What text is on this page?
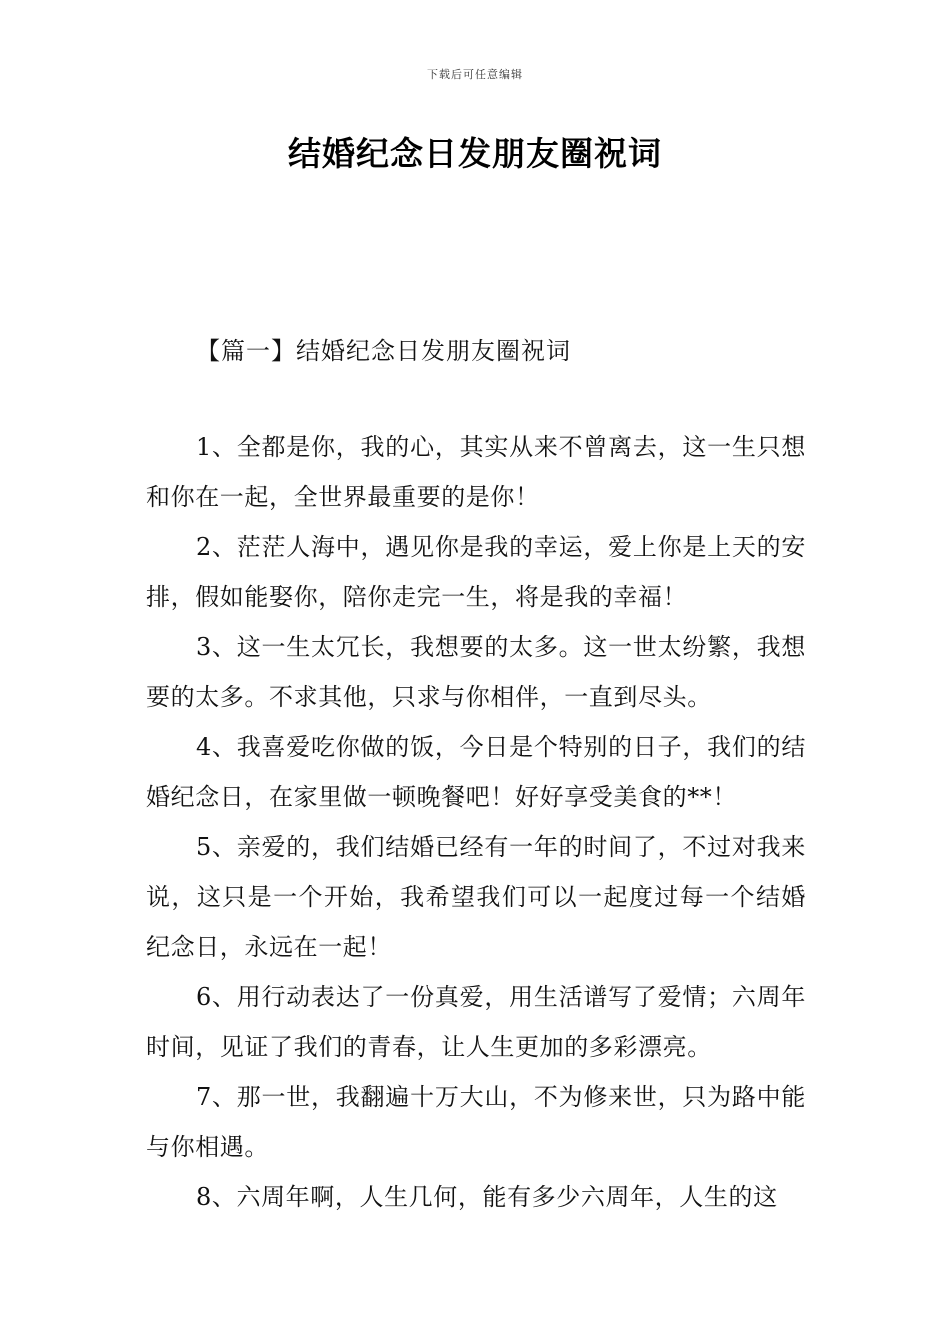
下载后可任意编辑
结婚纪念日发朋友圈祝词
【篇一】结婚纪念日发朋友圈祝词

1、全都是你，我的心，其实从来不曾离去，这一生只想和你在一起，全世界最重要的是你！

2、茫茫人海中，遇见你是我的幸运，爱上你是上天的安排，假如能娶你，陪你走完一生，将是我的幸福！

3、这一生太冗长，我想要的太多。这一世太纷繁，我想要的太多。不求其他，只求与你相伴，一直到尽头。

4、我喜爱吃你做的饭，今日是个特别的日子，我们的结婚纪念日，在家里做一顿晚餐吧！好好享受美食的**！

5、亲爱的，我们结婚已经有一年的时间了，不过对我来说，这只是一个开始，我希望我们可以一起度过每一个结婚纪念日，永远在一起！

6、用行动表达了一份真爱，用生活谱写了爱情；六周年时间，见证了我们的青春，让人生更加的多彩漂亮。

7、那一世，我翻遍十万大山，不为修来世，只为路中能与你相遇。

8、六周年啊，人生几何，能有多少六周年，人生的这
